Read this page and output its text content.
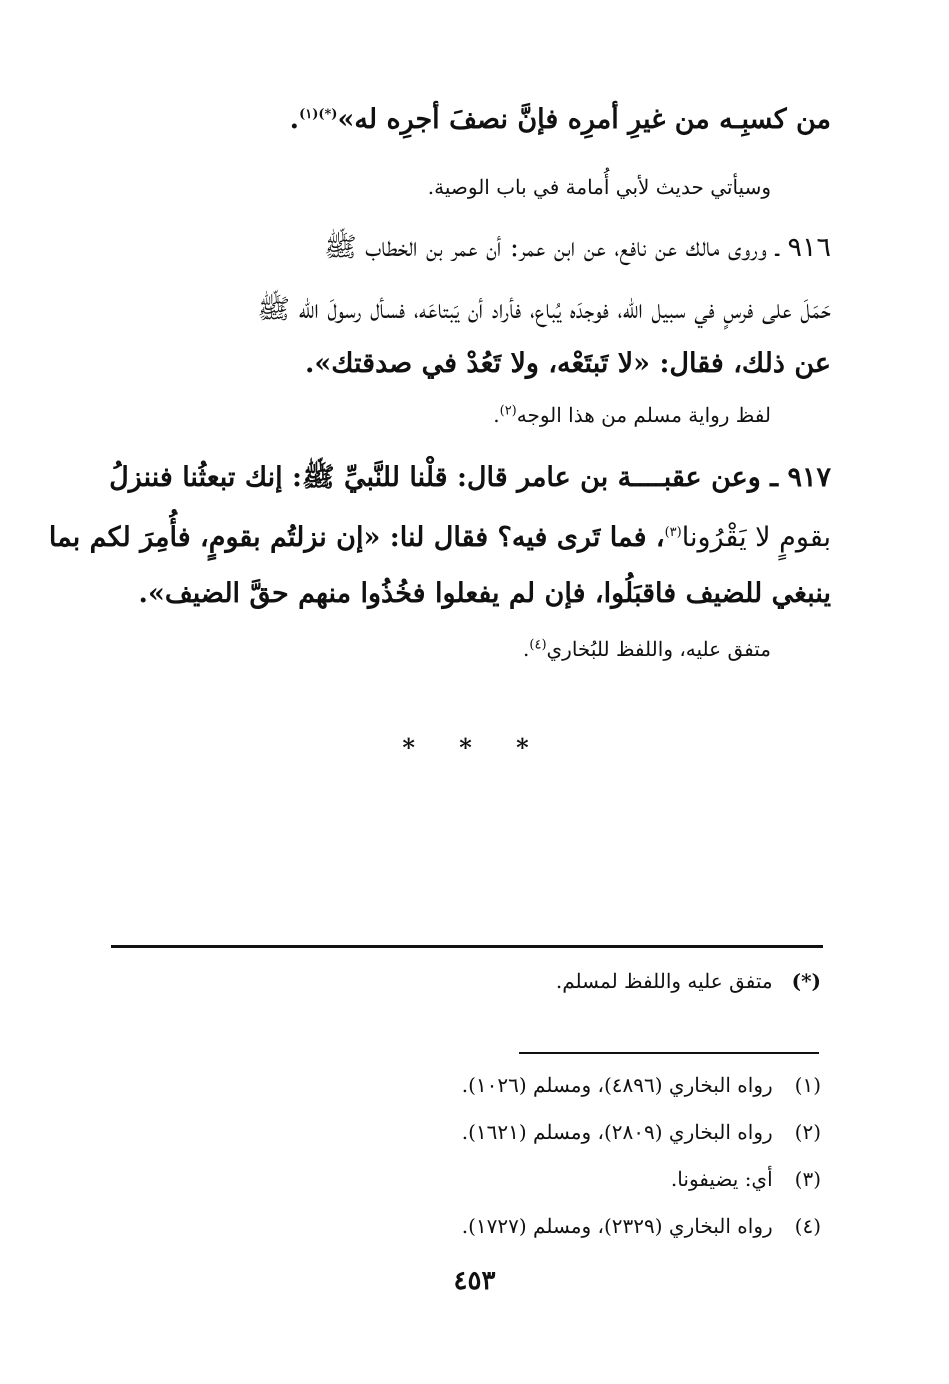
من كسبِـه من غيرِ أمرِه فإنَّ نصفَ أجرِه له»$^{(*)(١)}$.
وسيأتي حديث لأبي أُمامة في باب الوصية.
٩١٦ ـ وروى مالك عن نافع، عن ابن عمر: أن عمر بن الخطاب ﷺ
حَمَلَ على فرسٍ في سبيل الله، فوجدَه يُباع، فأراد أن يَبتاعَه، فسأل رسولَ الله ﷺ
عن ذلك، فقال: «لا تَبتَعْه، ولا تَعُدْ في صدقتك».
لفظ رواية مسلم من هذا الوجه$^{(٢)}$.
٩١٧ ـ وعن عقبــــة بن عامر قال: قلْنا للنَّبيِّ ﷺ: إنك تبعثُنا فننزلُ
بقومٍ لا يَقْرُونا$^{(٣)}$، فما تَرى فيه؟ فقال لنا: «إن نزلتُم بقومٍ، فأُمِرَ لكم بما
ينبغي للضيف فاقبَلُوا، فإن لم يفعلوا فخُذُوا منهم حقَّ الضيف».
متفق عليه، واللفظ للبُخاري$^{(٤)}$.
* * *
(*) متفق عليه واللفظ لمسلم.
(١) رواه البخاري (٤٨٩٦)، ومسلم (١٠٢٦).
(٢) رواه البخاري (٢٨٠٩)، ومسلم (١٦٢١).
(٣) أي: يضيفونا.
(٤) رواه البخاري (٢٣٢٩)، ومسلم (١٧٢٧).
٤٥٣
